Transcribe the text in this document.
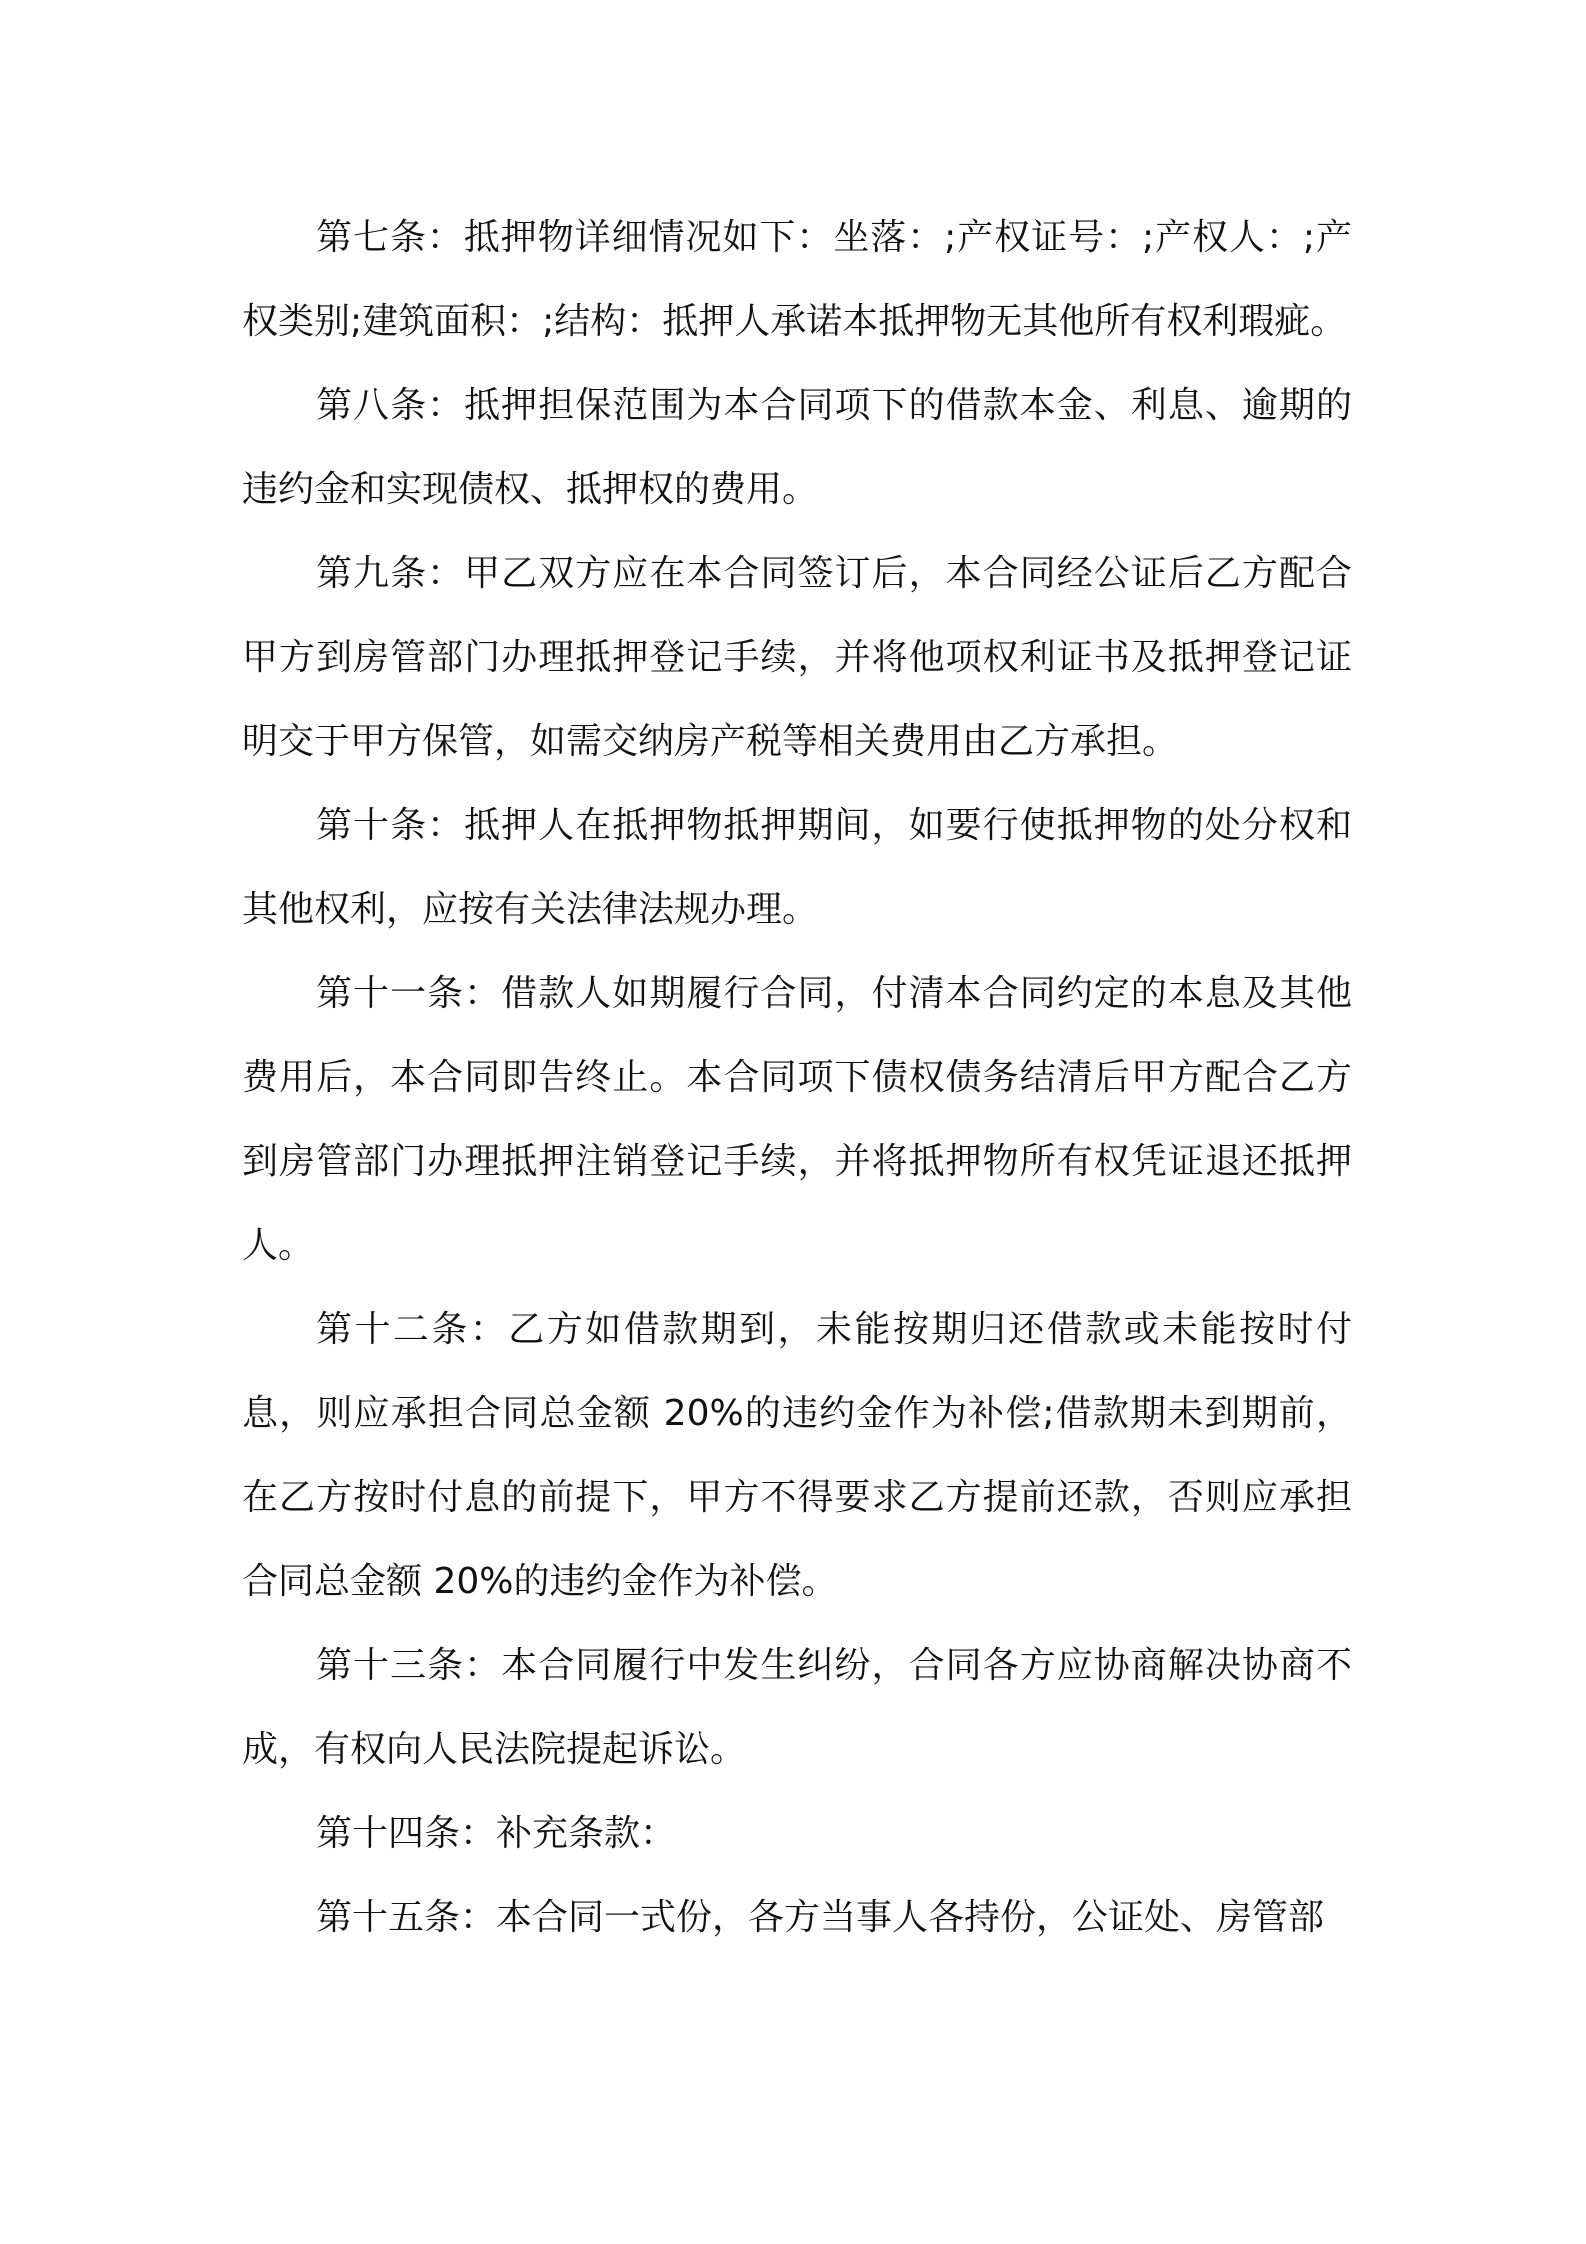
第七条：抵押物详细情况如下：坐落：;产权证号：;产权人：;产权类别;建筑面积：;结构：抵押人承诺本抵押物无其他所有权利瑕疵。

第八条：抵押担保范围为本合同项下的借款本金、利息、逾期的违约金和实现债权、抵押权的费用。

第九条：甲乙双方应在本合同签订后，本合同经公证后乙方配合甲方到房管部门办理抵押登记手续，并将他项权利证书及抵押登记证明交于甲方保管，如需交纳房产税等相关费用由乙方承担。

第十条：抵押人在抵押物抵押期间，如要行使抵押物的处分权和其他权利，应按有关法律法规办理。

第十一条：借款人如期履行合同，付清本合同约定的本息及其他费用后，本合同即告终止。本合同项下债权债务结清后甲方配合乙方到房管部门办理抵押注销登记手续，并将抵押物所有权凭证退还抵押人。

第十二条：乙方如借款期到，未能按期归还借款或未能按时付息，则应承担合同总金额 20%的违约金作为补偿;借款期未到期前，在乙方按时付息的前提下，甲方不得要求乙方提前还款，否则应承担合同总金额 20%的违约金作为补偿。

第十三条：本合同履行中发生纠纷，合同各方应协商解决协商不成，有权向人民法院提起诉讼。

第十四条：补充条款：

第十五条：本合同一式份，各方当事人各持份，公证处、房管部
